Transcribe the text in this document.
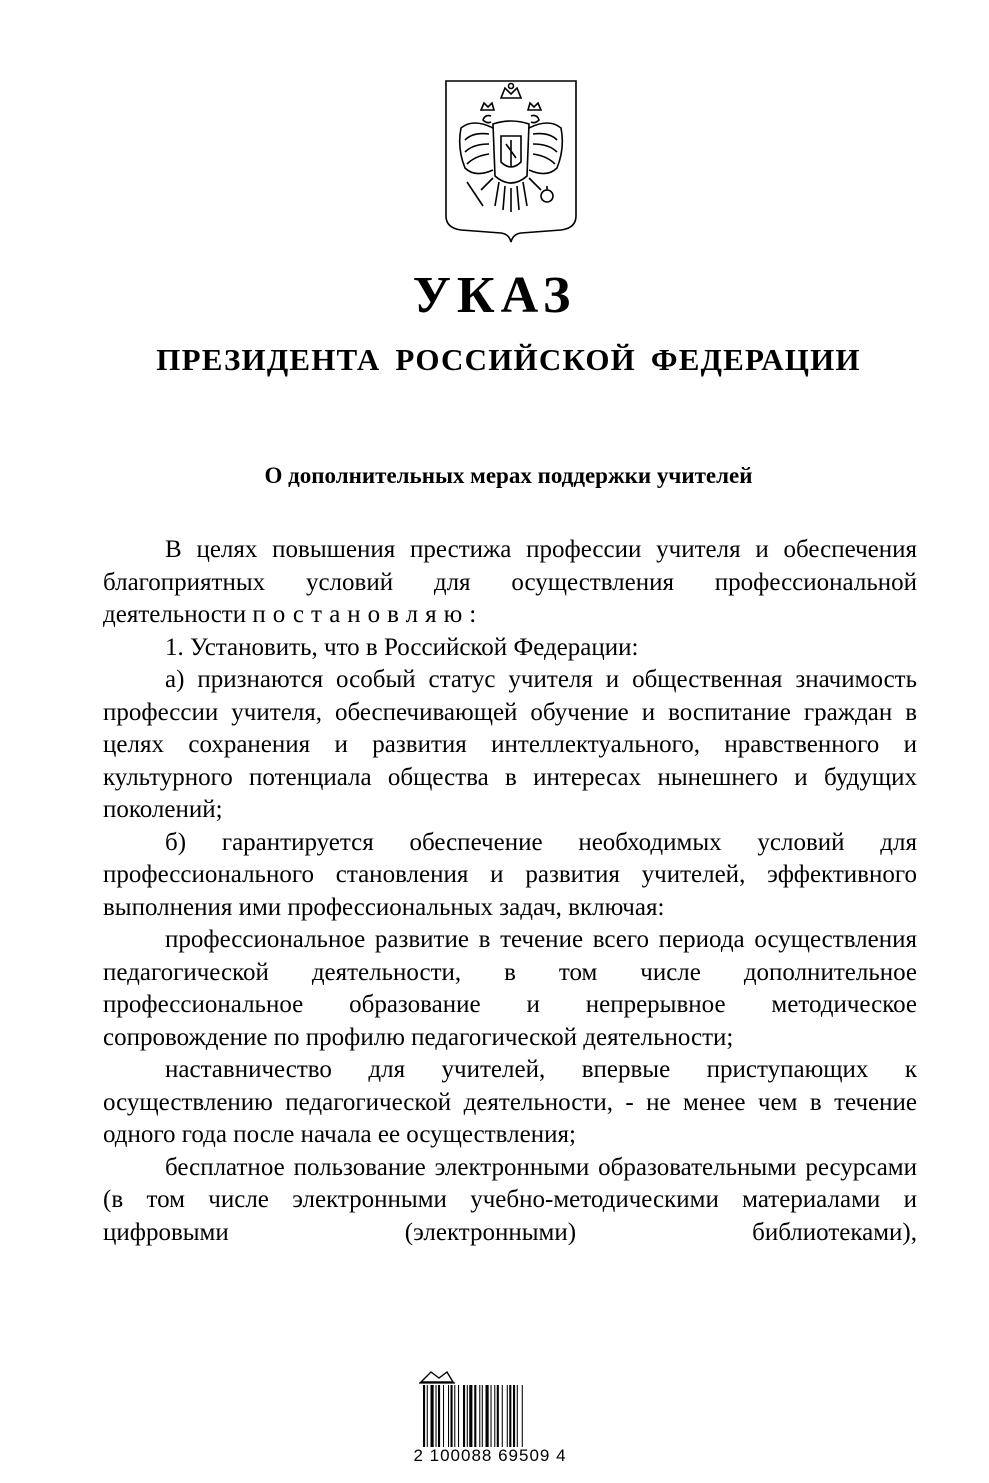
УКАЗ
ПРЕЗИДЕНТА РОССИЙСКОЙ ФЕДЕРАЦИИ
О дополнительных мерах поддержки учителей

В целях повышения престижа профессии учителя и обеспечения благоприятных условий для осуществления профессиональной деятельности постановляю:

1. Установить, что в Российской Федерации:

а) признаются особый статус учителя и общественная значимость профессии учителя, обеспечивающей обучение и воспитание граждан в целях сохранения и развития интеллектуального, нравственного и культурного потенциала общества в интересах нынешнего и будущих поколений;

б) гарантируется обеспечение необходимых условий для профессионального становления и развития учителей, эффективного выполнения ими профессиональных задач, включая:

профессиональное развитие в течение всего периода осуществления педагогической деятельности, в том числе дополнительное профессиональное образование и непрерывное методическое сопровождение по профилю педагогической деятельности;

наставничество для учителей, впервые приступающих к осуществлению педагогической деятельности, - не менее чем в течение одного года после начала ее осуществления;

бесплатное пользование электронными образовательными ресурсами (в том числе электронными учебно-методическими материалами и цифровыми (электронными) библиотеками),

2 100088 69509 4
